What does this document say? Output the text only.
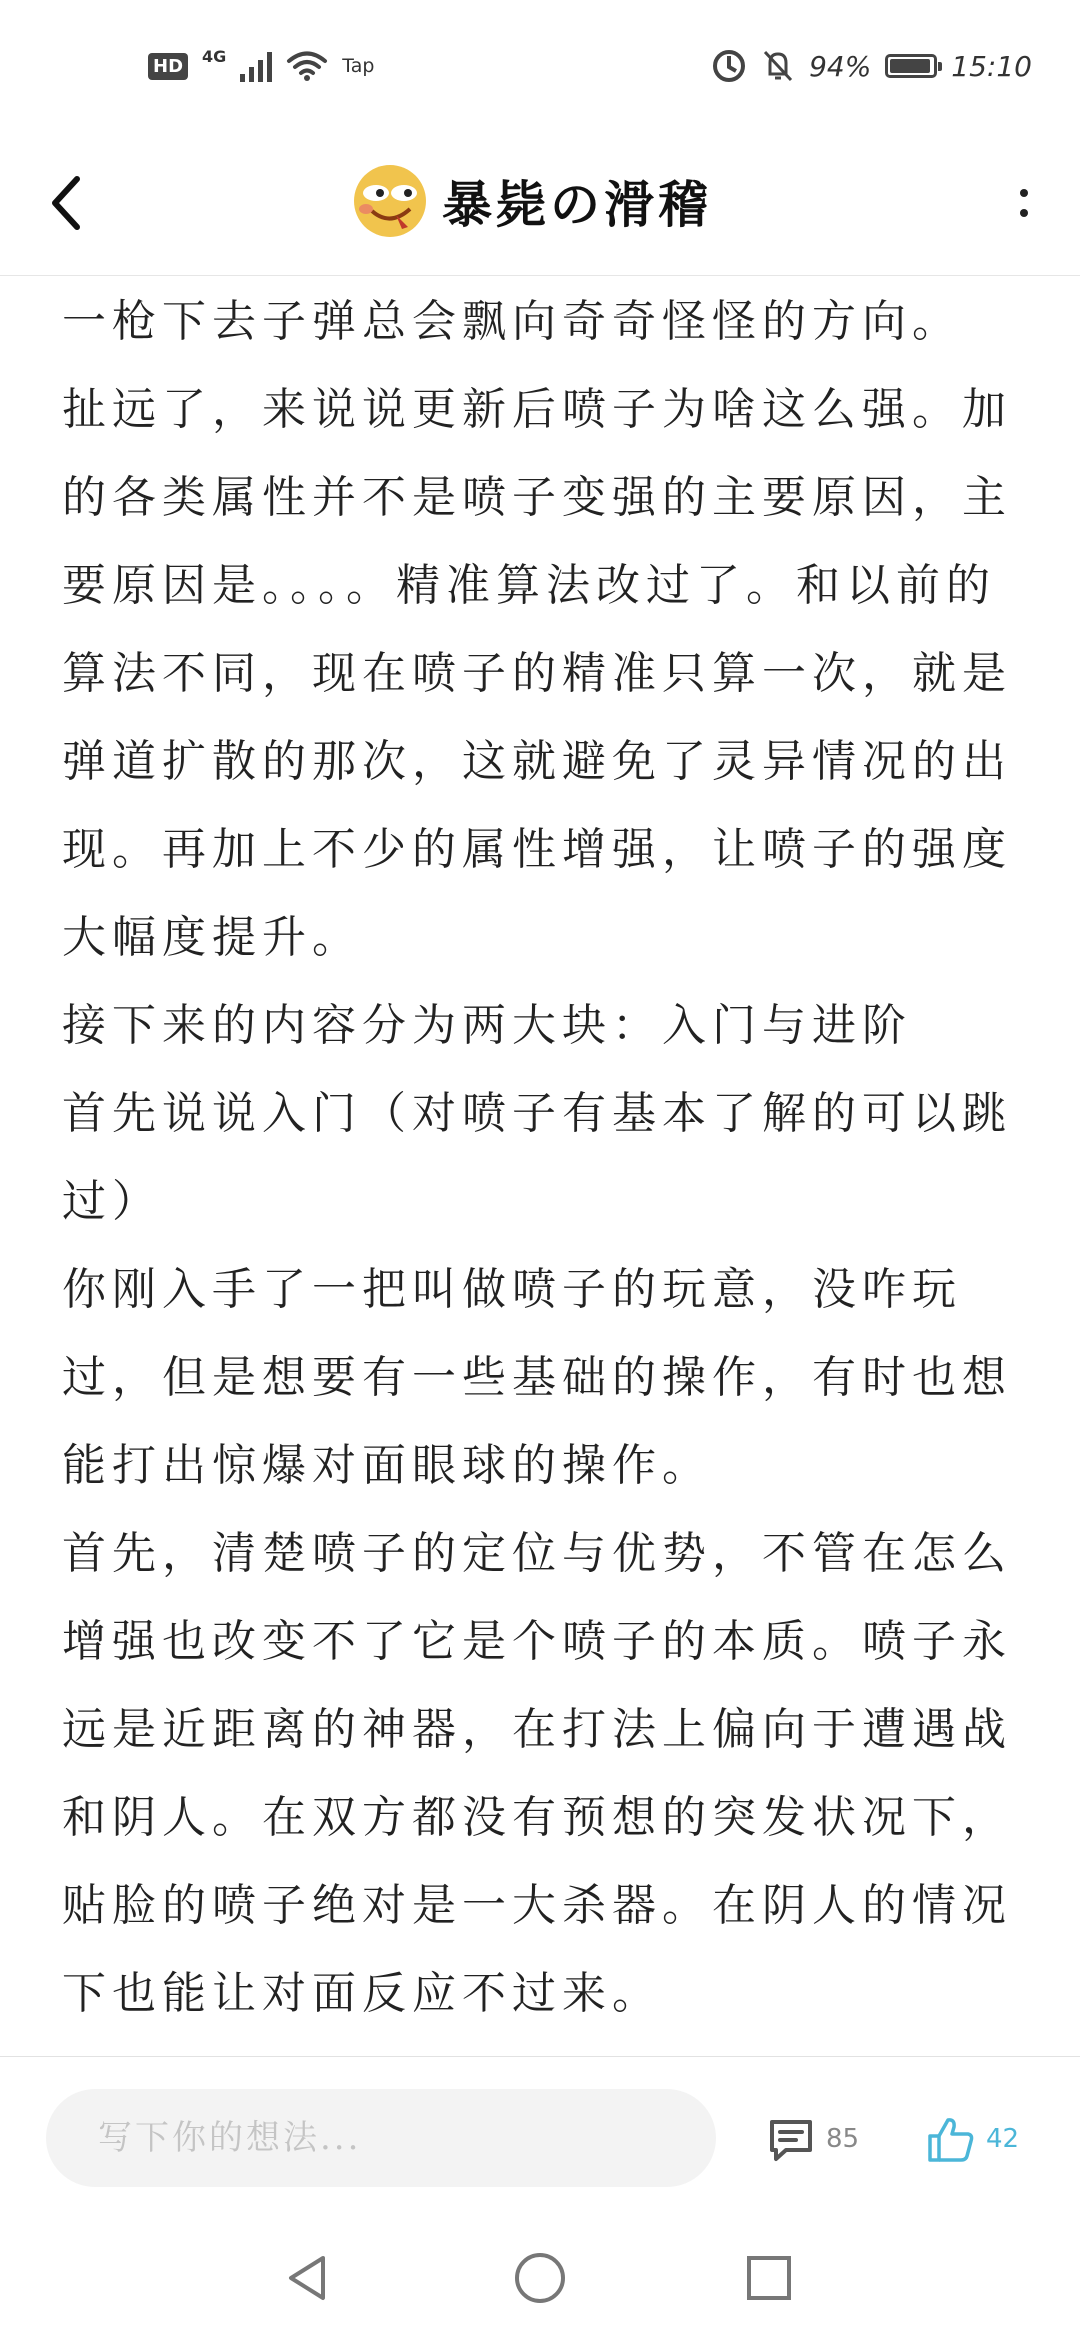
HD	4G	Tap	94%	15:10
暴毙の滑稽

一枪下去子弹总会飘向奇奇怪怪的方向。

扯远了，来说说更新后喷子为啥这么强。加的各类属性并不是喷子变强的主要原因，主要原因是。。。。精准算法改过了。和以前的算法不同，现在喷子的精准只算一次，就是弹道扩散的那次，这就避免了灵异情况的出现。再加上不少的属性增强，让喷子的强度大幅度提升。

接下来的内容分为两大块：入门与进阶

首先说说入门（对喷子有基本了解的可以跳过）

你刚入手了一把叫做喷子的玩意，没咋玩过，但是想要有一些基础的操作，有时也想能打出惊爆对面眼球的操作。

首先，清楚喷子的定位与优势，不管在怎么增强也改变不了它是个喷子的本质。喷子永远是近距离的神器，在打法上偏向于遭遇战和阴人。在双方都没有预想的突发状况下，贴脸的喷子绝对是一大杀器。在阴人的情况下也能让对面反应不过来。

写下你的想法...
85	42
